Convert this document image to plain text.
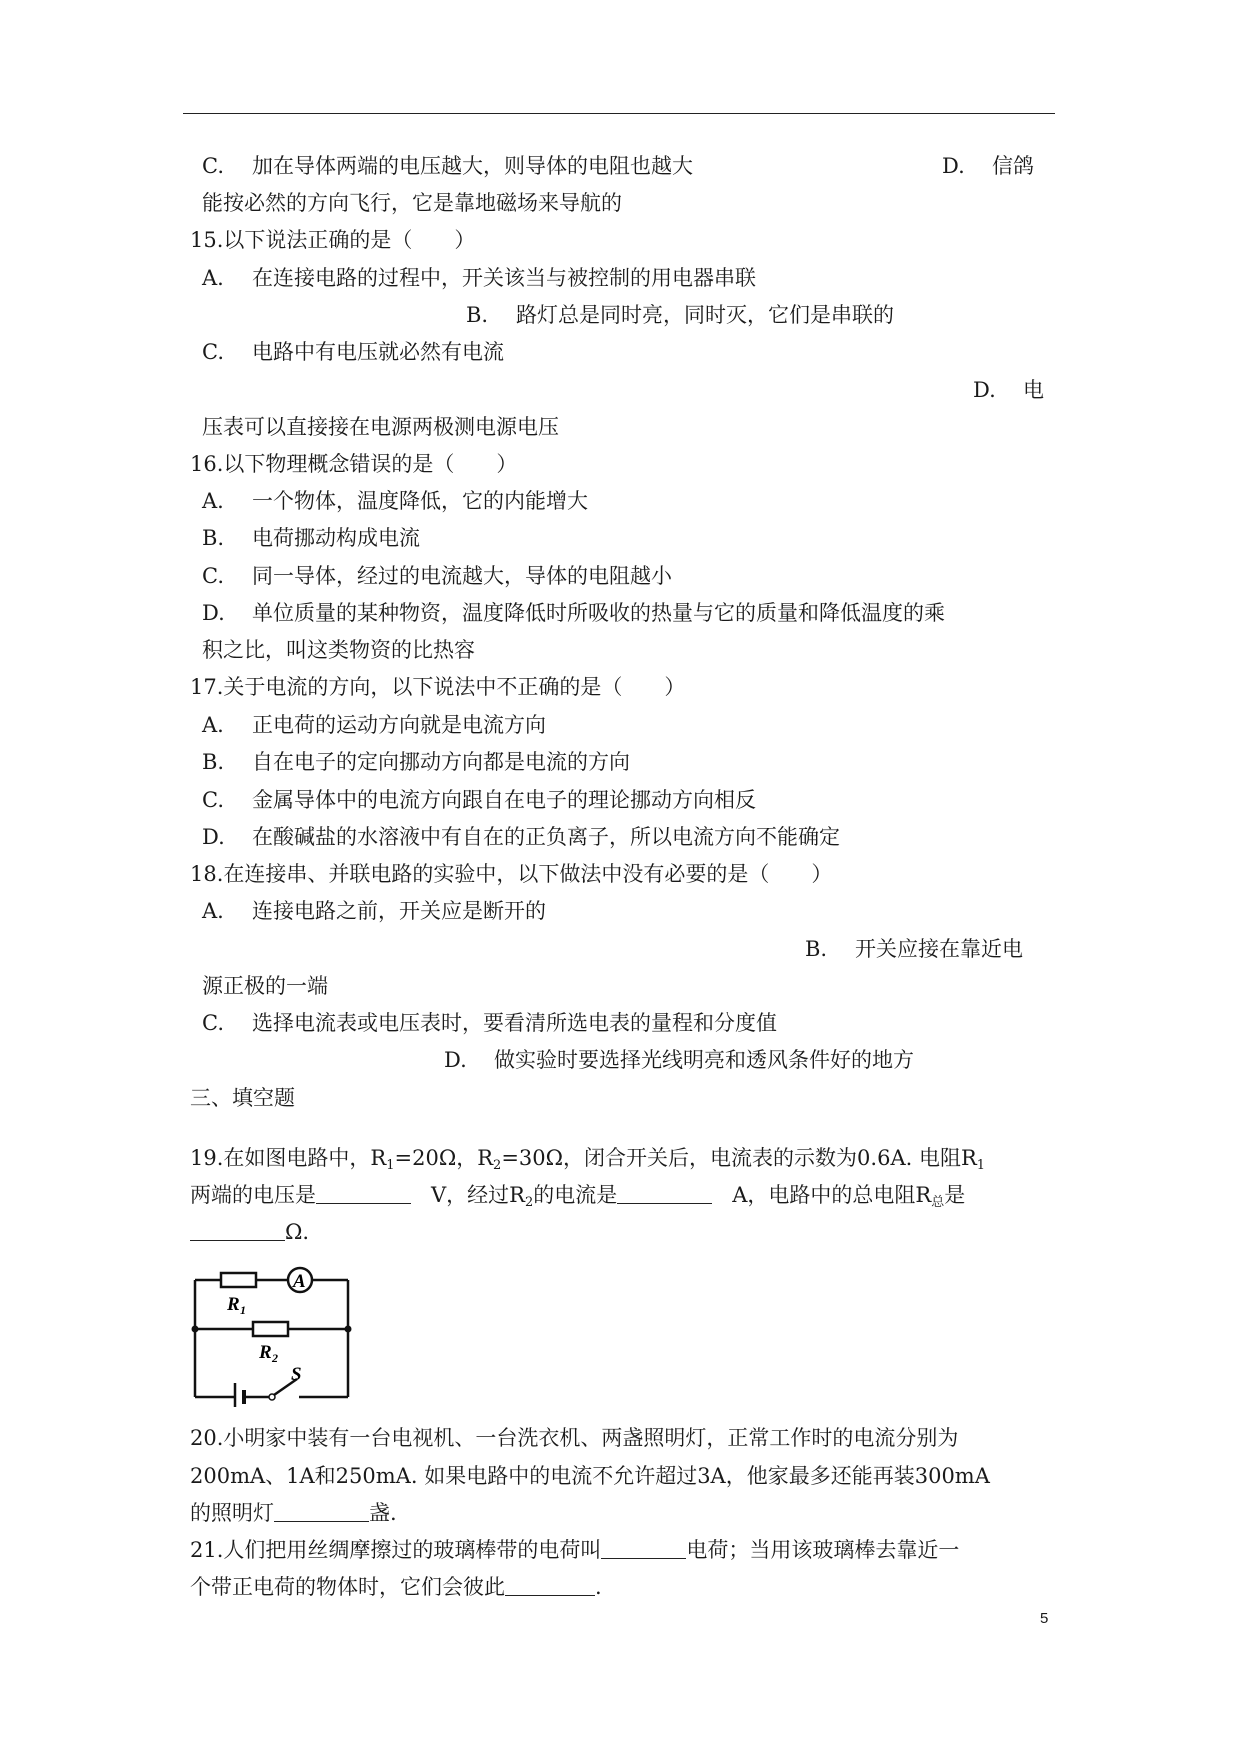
C. 加在导体两端的电压越大，则导体的电阻也越大	D. 信鸽
能按必然的方向飞行，它是靠地磁场来导航的
15.以下说法正确的是（　　）
A. 在连接电路的过程中，开关该当与被控制的用电器串联
B. 路灯总是同时亮，同时灭，它们是串联的
C. 电路中有电压就必然有电流
D. 电
压表可以直接接在电源两极测电源电压
16.以下物理概念错误的是（　　）
A. 一个物体，温度降低，它的内能增大
B. 电荷挪动构成电流
C. 同一导体，经过的电流越大，导体的电阻越小
D. 单位质量的某种物资，温度降低时所吸收的热量与它的质量和降低温度的乘
积之比，叫这类物资的比热容
17.关于电流的方向，以下说法中不正确的是（　　）
A. 正电荷的运动方向就是电流方向
B. 自在电子的定向挪动方向都是电流的方向
C. 金属导体中的电流方向跟自在电子的理论挪动方向相反
D. 在酸碱盐的水溶液中有自在的正负离子，所以电流方向不能确定
18.在连接串、并联电路的实验中，以下做法中没有必要的是（　　）
A. 连接电路之前，开关应是断开的
B. 开关应接在靠近电
源正极的一端
C. 选择电流表或电压表时，要看清所选电表的量程和分度值
D. 做实验时要选择光线明亮和透风条件好的地方
三、填空题
19.在如图电路中，$R_1=20\Omega$，$R_2=30\Omega$，闭合开关后，电流表的示数为0.6A. 电阻$R_1$
两端的电压是	V，经过$R_2$的电流是	A，电路中的总电阻$R_总$是
Ω.
A
R 1
R 2
S
20.小明家中装有一台电视机、一台洗衣机、两盏照明灯，正常工作时的电流分别为
200mA、1A和250mA. 如果电路中的电流不允许超过3A，他家最多还能再装300mA
的照明灯	盏.
21.人们把用丝绸摩擦过的玻璃棒带的电荷叫	电荷；当用该玻璃棒去靠近一
个带正电荷的物体时，它们会彼此	.
5
